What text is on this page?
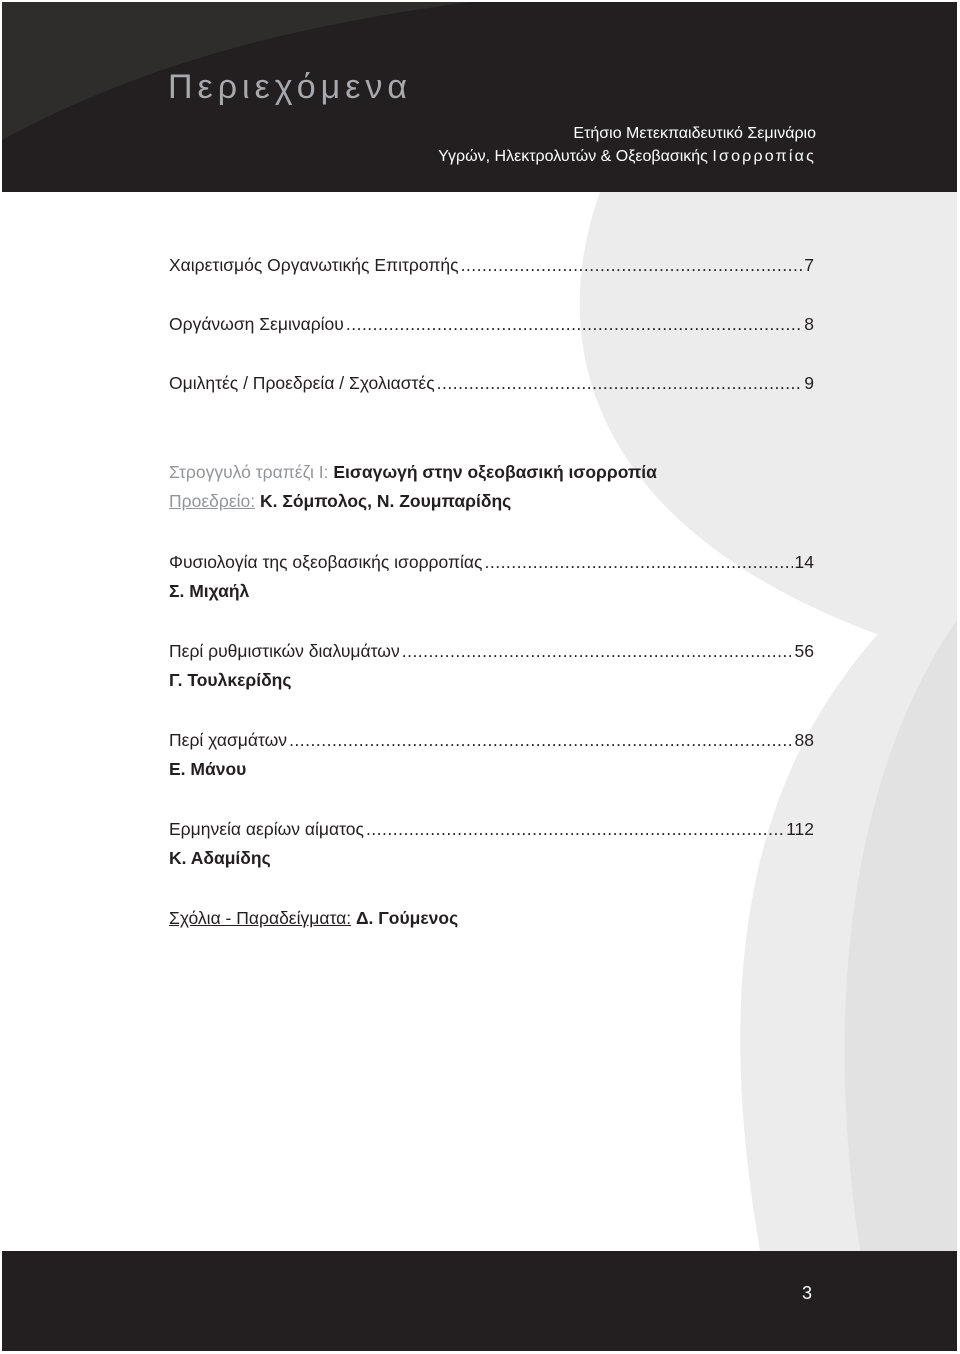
Περιεχόμενα
Ετήσιο Μετεκπαιδευτικό Σεμινάριο
Υγρών, Ηλεκτρολυτών & Οξεοβασικής Ισορροπίας
Χαιρετισμός Οργανωτικής Επιτροπής .....	7
Οργάνωση Σεμιναρίου .....	8
Ομιλητές / Προεδρεία / Σχολιαστές .....	9
Στρογγυλό τραπέζι Ι: Εισαγωγή στην οξεοβασική ισορροπία
Προεδρείο: Κ. Σόμπολος, Ν. Ζουμπαρίδης
Φυσιολογία της οξεοβασικής ισορροπίας .....	14
Σ. Μιχαήλ
Περί ρυθμιστικών διαλυμάτων .....	56
Γ. Τουλκερίδης
Περί χασμάτων .....	88
Ε. Μάνου
Ερμηνεία αερίων αίματος .....	112
Κ. Αδαμίδης
Σχόλια - Παραδείγματα: Δ. Γούμενος
3
